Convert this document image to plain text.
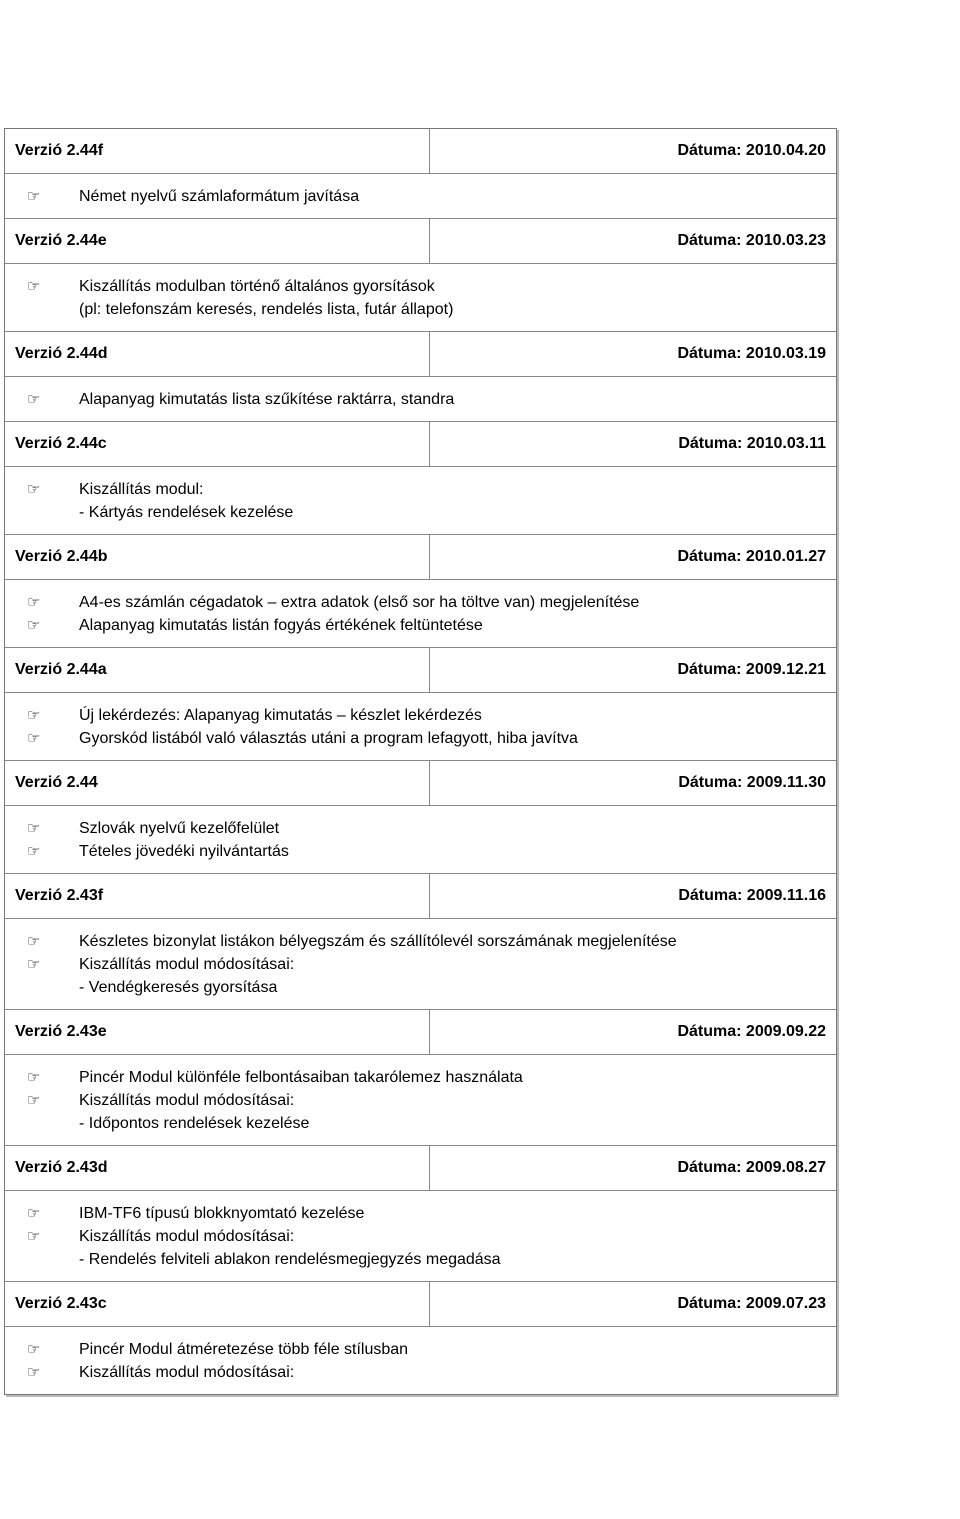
Verzió 2.44f	Dátuma: 2010.04.20
☞	Német nyelvű számlaformátum javítása
Verzió 2.44e	Dátuma: 2010.03.23
☞	Kiszállítás modulban történő általános gyorsítások
(pl: telefonszám keresés, rendelés lista, futár állapot)
Verzió 2.44d	Dátuma: 2010.03.19
☞	Alapanyag kimutatás lista szűkítése raktárra, standra
Verzió 2.44c	Dátuma: 2010.03.11
☞	Kiszállítás modul:
- Kártyás rendelések kezelése
Verzió 2.44b	Dátuma: 2010.01.27
☞	A4-es számlán cégadatok – extra adatok (első sor ha töltve van) megjelenítése
☞	Alapanyag kimutatás listán fogyás értékének feltüntetése
Verzió 2.44a	Dátuma: 2009.12.21
☞	Új lekérdezés: Alapanyag kimutatás – készlet lekérdezés
☞	Gyorskód listából való választás utáni a program lefagyott, hiba javítva
Verzió 2.44	Dátuma: 2009.11.30
☞	Szlovák nyelvű kezelőfelület
☞	Tételes jövedéki nyilvántartás
Verzió 2.43f	Dátuma: 2009.11.16
☞	Készletes bizonylat listákon bélyegszám és szállítólevél sorszámának megjelenítése
☞	Kiszállítás modul módosításai:
- Vendégkeresés gyorsítása
Verzió 2.43e	Dátuma: 2009.09.22
☞	Pincér Modul különféle felbontásaiban takarólemez használata
☞	Kiszállítás modul módosításai:
- Időpontos rendelések kezelése
Verzió 2.43d	Dátuma: 2009.08.27
☞	IBM-TF6 típusú blokknyomtató kezelése
☞	Kiszállítás modul módosításai:
- Rendelés felviteli ablakon rendelésmegjegyzés megadása
Verzió 2.43c	Dátuma: 2009.07.23
☞	Pincér Modul átméretezése több féle stílusban
☞	Kiszállítás modul módosításai:
